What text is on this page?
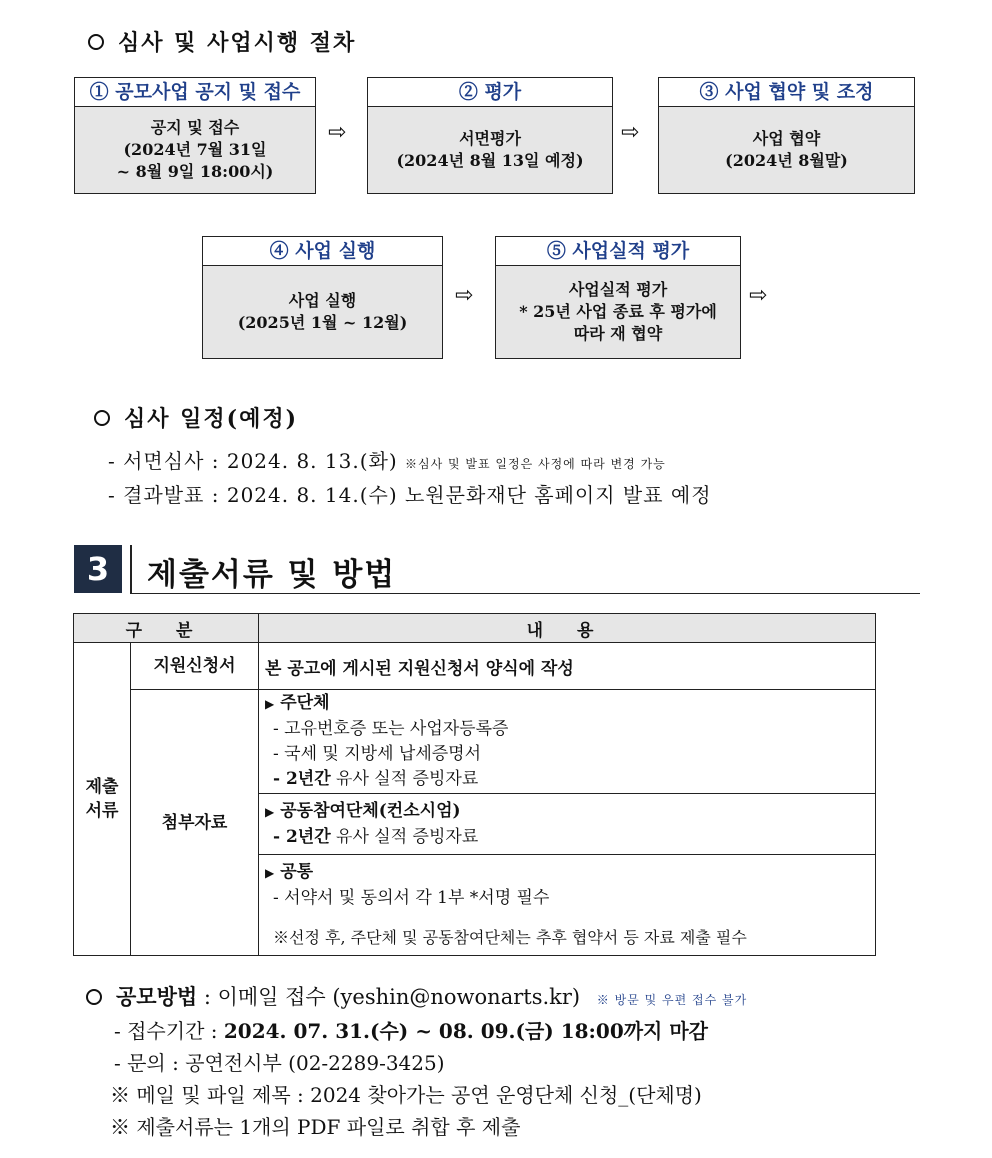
심사 및 사업시행 절차
① 공모사업 공지 및 접수
공지 및 접수
(2024년 7월 31일
~ 8월 9일 18:00시)
⇨
② 평가
서면평가
(2024년 8월 13일 예정)
⇨
③ 사업 협약 및 조정
사업 협약
(2024년 8월말)
④ 사업 실행
사업 실행
(2025년 1월 ~ 12월)
⇨
⑤ 사업실적 평가
사업실적 평가
* 25년 사업 종료 후 평가에
따라 재 협약
⇨
심사 일정(예정)
- 서면심사 : 2024. 8. 13.(화) ※심사 및 발표 일정은 사정에 따라 변경 가능
- 결과발표 : 2024. 8. 14.(수) 노원문화재단 홈페이지 발표 예정
3	제출서류 및 방법
구 분		내 용
제출
서류	지원신청서	본 공고에 게시된 지원신청서 양식에 작성
	첨부자료	▶ 주단체
- 고유번호증 또는 사업자등록증
- 국세 및 지방세 납세증명서
- 2년간 유사 실적 증빙자료

		▶ 공동참여단체(컨소시엄)
- 2년간 유사 실적 증빙자료

		▶ 공통
- 서약서 및 동의서 각 1부 *서명 필수
※선정 후, 주단체 및 공동참여단체는 추후 협약서 등 자료 제출 필수
공모방법 : 이메일 접수 (yeshin@nowonarts.kr) ※ 방문 및 우편 접수 불가
- 접수기간 : 2024. 07. 31.(수) ~ 08. 09.(금) 18:00까지 마감
- 문의 : 공연전시부 (02-2289-3425)
※ 메일 및 파일 제목 : 2024 찾아가는 공연 운영단체 신청_(단체명)
※ 제출서류는 1개의 PDF 파일로 취합 후 제출
